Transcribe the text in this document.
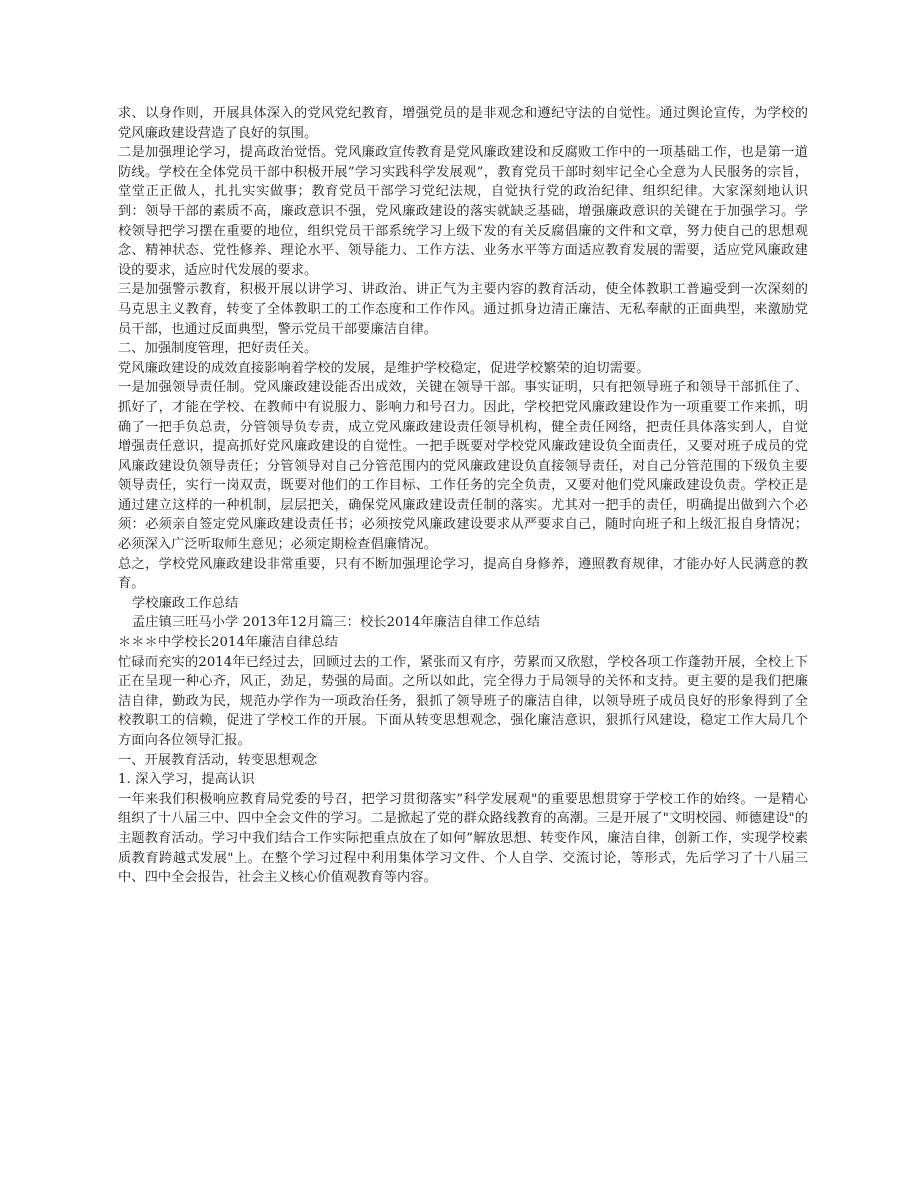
求、以身作则，开展具体深入的党风党纪教育，增强党员的是非观念和遵纪守法的自觉性。通过舆论宣传，为学校的党风廉政建设营造了良好的氛围。

二是加强理论学习，提高政治觉悟。党风廉政宣传教育是党风廉政建设和反腐败工作中的一项基础工作，也是第一道防线。学校在全体党员干部中积极开展”学习实践科学发展观”，教育党员干部时刻牢记全心全意为人民服务的宗旨，堂堂正正做人，扎扎实实做事；教育党员干部学习党纪法规，自觉执行党的政治纪律、组织纪律。大家深刻地认识到：领导干部的素质不高，廉政意识不强，党风廉政建设的落实就缺乏基础，增强廉政意识的关键在于加强学习。学校领导把学习摆在重要的地位，组织党员干部系统学习上级下发的有关反腐倡廉的文件和文章，努力使自己的思想观念、精神状态、党性修养、理论水平、领导能力、工作方法、业务水平等方面适应教育发展的需要，适应党风廉政建设的要求，适应时代发展的要求。

三是加强警示教育，积极开展以讲学习、讲政治、讲正气为主要内容的教育活动，使全体教职工普遍受到一次深刻的马克思主义教育，转变了全体教职工的工作态度和工作作风。通过抓身边清正廉洁、无私奉献的正面典型，来激励党员干部，也通过反面典型，警示党员干部要廉洁自律。

二、加强制度管理，把好责任关。

党风廉政建设的成效直接影响着学校的发展，是维护学校稳定，促进学校繁荣的迫切需要。

一是加强领导责任制。党风廉政建设能否出成效，关键在领导干部。事实证明，只有把领导班子和领导干部抓住了、抓好了，才能在学校、在教师中有说服力、影响力和号召力。因此，学校把党风廉政建设作为一项重要工作来抓，明确了一把手负总责，分管领导负专责，成立党风廉政建设责任领导机构，健全责任网络，把责任具体落实到人，自觉增强责任意识，提高抓好党风廉政建设的自觉性。一把手既要对学校党风廉政建设负全面责任，又要对班子成员的党风廉政建设负领导责任；分管领导对自己分管范围内的党风廉政建设负直接领导责任，对自己分管范围的下级负主要领导责任，实行一岗双责，既要对他们的工作目标、工作任务的完全负责，又要对他们党风廉政建设负责。学校正是通过建立这样的一种机制，层层把关，确保党风廉政建设责任制的落实。尤其对一把手的责任，明确提出做到六个必须：必须亲自签定党风廉政建设责任书；必须按党风廉政建设要求从严要求自己，随时向班子和上级汇报自身情况；必须深入广泛听取师生意见；必须定期检查倡廉情况。

总之，学校党风廉政建设非常重要，只有不断加强理论学习，提高自身修养，遵照教育规律，才能办好人民满意的教育。

学校廉政工作总结

孟庄镇三旺马小学 2013年12月篇三：校长2014年廉洁自律工作总结

＊＊＊中学校长2014年廉洁自律总结

忙碌而充实的2014年已经过去，回顾过去的工作，紧张而又有序，劳累而又欣慰，学校各项工作蓬勃开展，全校上下正在呈现一种心齐，风正，劲足，势强的局面。之所以如此，完全得力于局领导的关怀和支持。更主要的是我们把廉洁自律，勤政为民，规范办学作为一项政治任务，狠抓了领导班子的廉洁自律，以领导班子成员良好的形象得到了全校教职工的信赖，促进了学校工作的开展。下面从转变思想观念，强化廉洁意识，狠抓行风建设，稳定工作大局几个方面向各位领导汇报。

一、开展教育活动，转变思想观念

1. 深入学习，提高认识

一年来我们积极响应教育局党委的号召，把学习贯彻落实”科学发展观"的重要思想贯穿于学校工作的始终。一是精心组织了十八届三中、四中全会文件的学习。二是掀起了党的群众路线教育的高潮。三是开展了"文明校园、师德建设"的主题教育活动。学习中我们结合工作实际把重点放在了如何”解放思想、转变作风，廉洁自律，创新工作，实现学校素质教育跨越式发展"上。在整个学习过程中利用集体学习文件、个人自学、交流讨论，等形式，先后学习了十八届三中、四中全会报告，社会主义核心价值观教育等内容。
